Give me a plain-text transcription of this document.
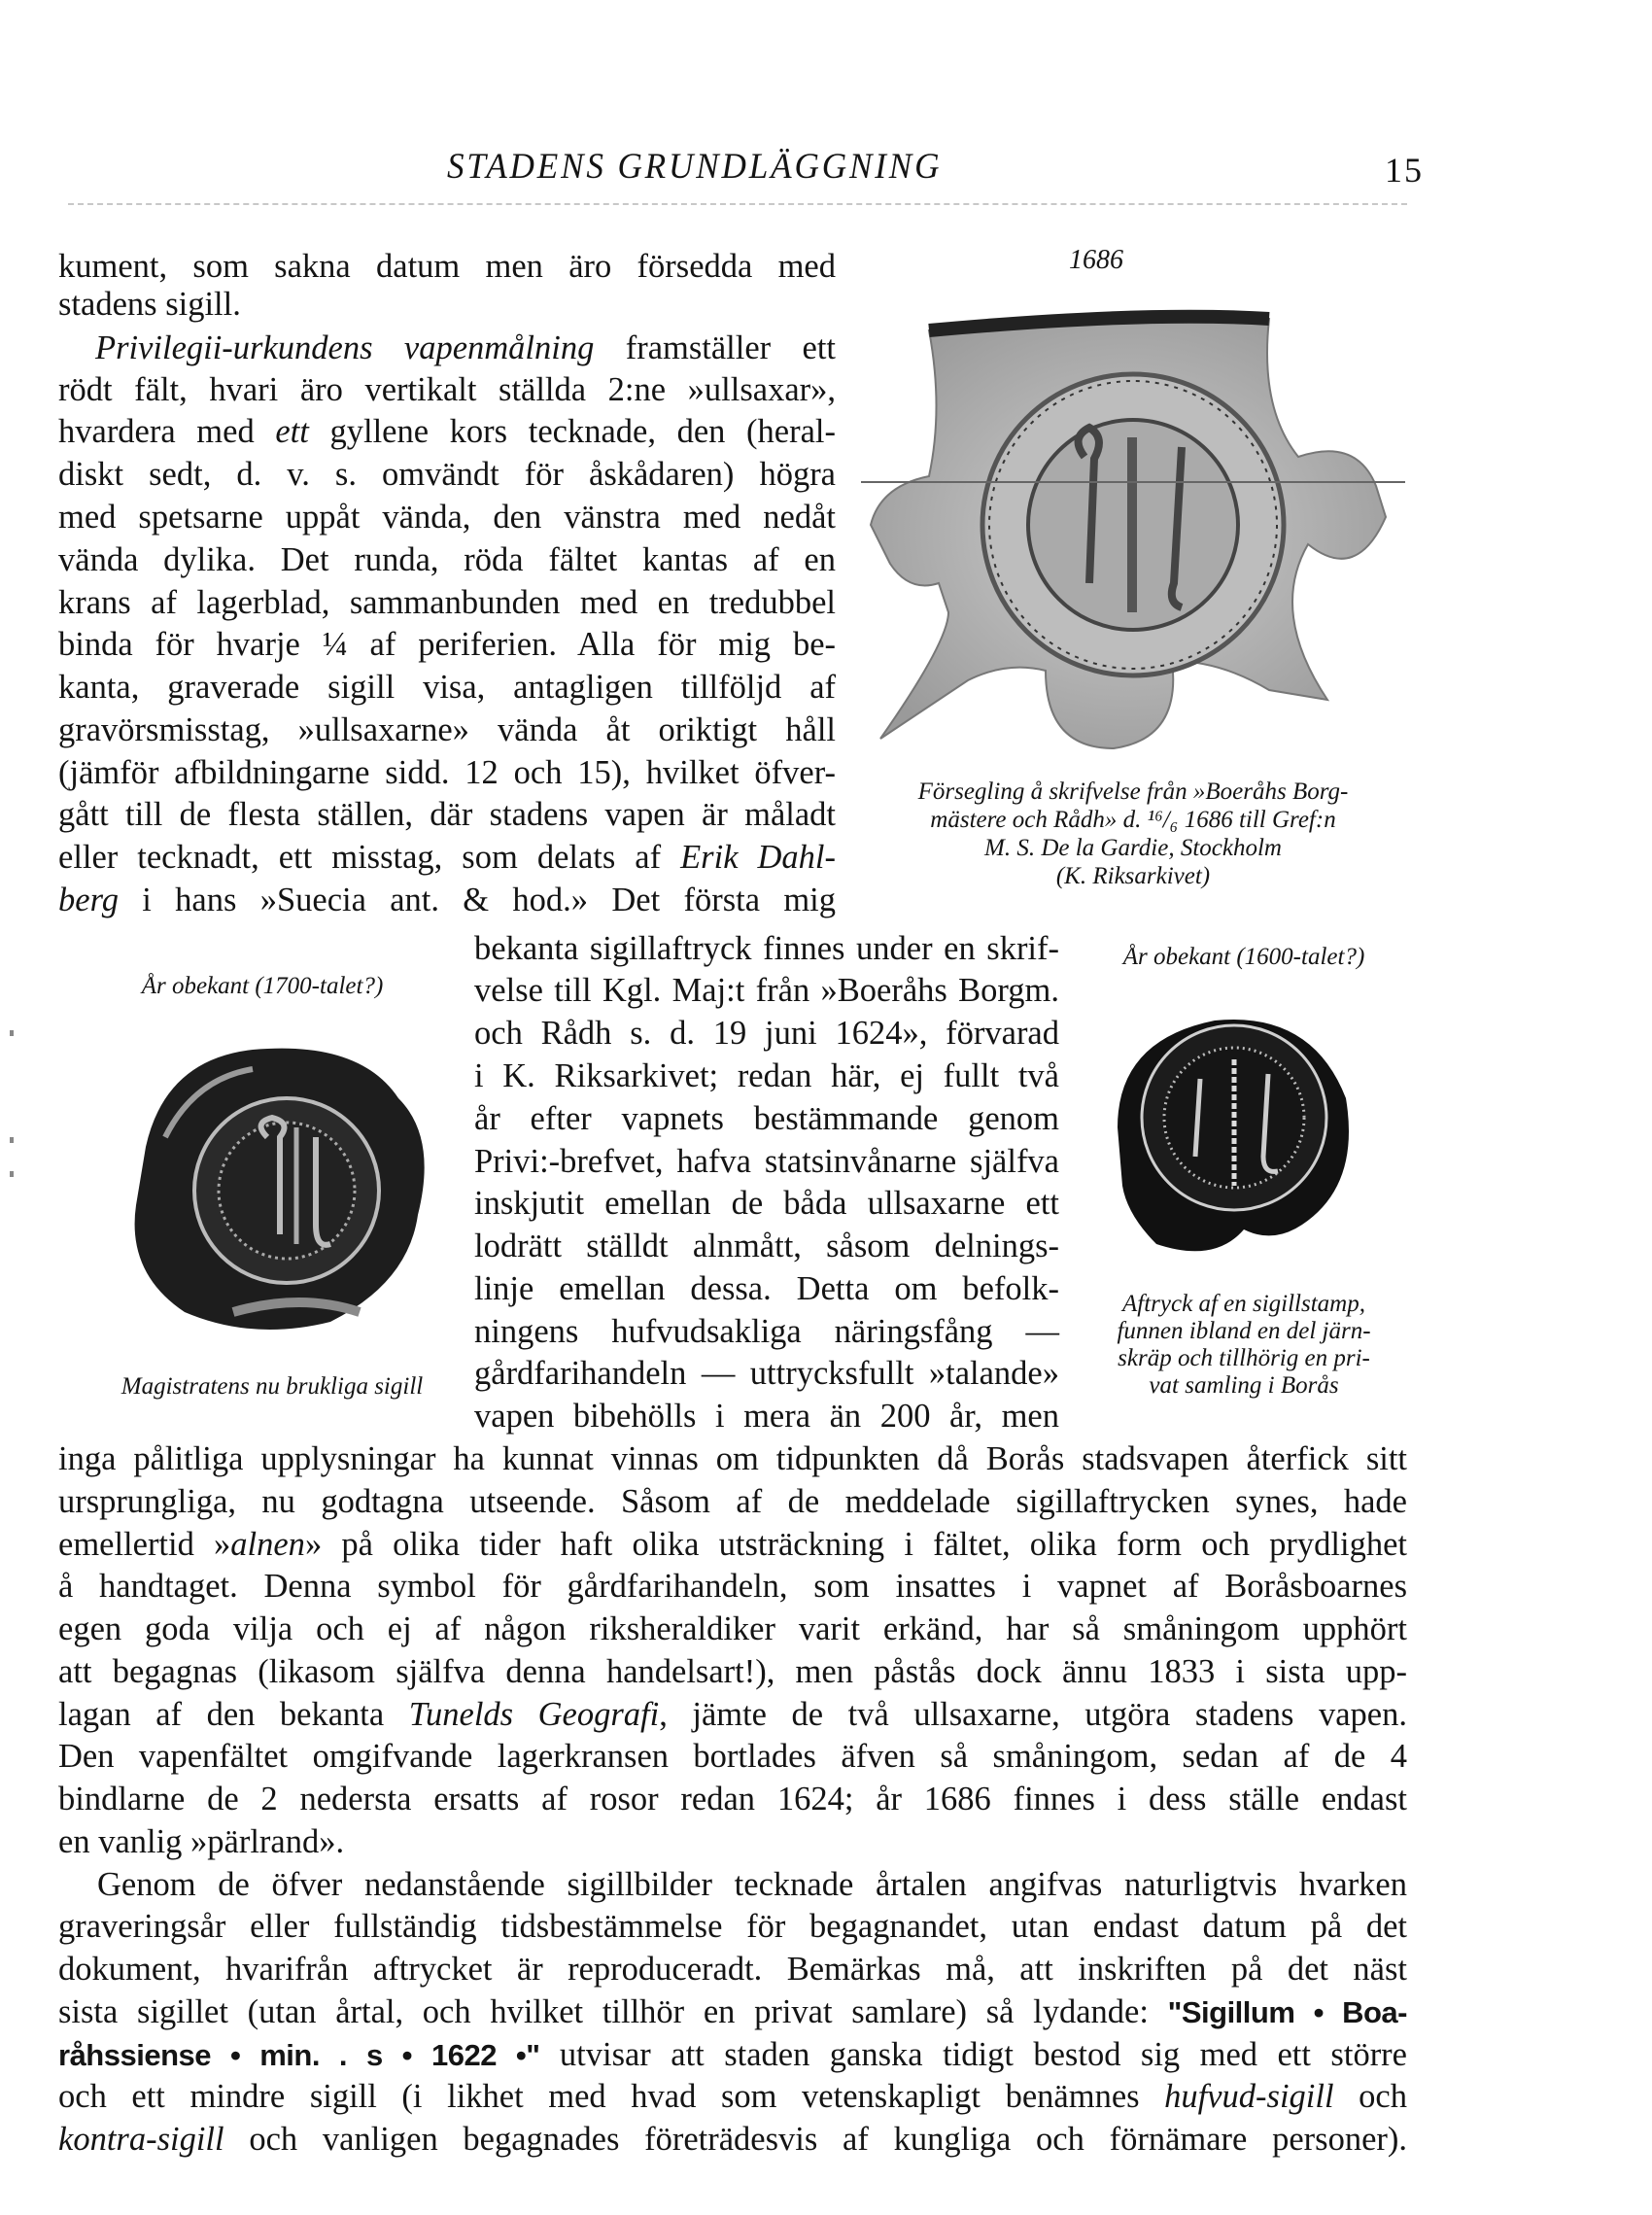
STADENS GRUNDLÄGGNING	15
kument, som sakna datum men äro försedda med
stadens sigill.
Privilegii-urkundens vapenmålning framställer ett
rödt fält, hvari äro vertikalt ställda 2:ne »ullsaxar»,
hvardera med ett gyllene kors tecknade, den (heral-
diskt sedt, d. v. s. omvändt för åskådaren) högra
med spetsarne uppåt vända, den vänstra med nedåt
vända dylika. Det runda, röda fältet kantas af en
krans af lagerblad, sammanbunden med en tredubbel
binda för hvarje ¼ af periferien. Alla för mig be-
kanta, graverade sigill visa, antagligen tillföljd af
gravörsmisstag, »ullsaxarne» vända åt oriktigt håll
(jämför afbildningarne sidd. 12 och 15), hvilket öfver-
gått till de flesta ställen, där stadens vapen är måladt
eller tecknadt, ett misstag, som delats af Erik Dahl-
berg i hans »Suecia ant. & hod.» Det första mig
1686
Försegling å skrifvelse från »Boeråhs Borg-
mästere och Rådh» d. ¹⁶/₆ 1686 till Gref:n
M. S. De la Gardie, Stockholm
(K. Riksarkivet)
År obekant (1700-talet?)
Magistratens nu brukliga sigill
bekanta sigillaftryck finnes under en skrif-
velse till Kgl. Maj:t från »Boeråhs Borgm.
och Rådh s. d. 19 juni 1624», förvarad
i K. Riksarkivet; redan här, ej fullt två
år efter vapnets bestämmande genom
Privi:-brefvet, hafva statsinvånarne själfva
inskjutit emellan de båda ullsaxarne ett
lodrätt ställdt alnmått, såsom delnings-
linje emellan dessa. Detta om befolk-
ningens hufvudsakliga näringsfång —
gårdfarihandeln — uttrycksfullt »talande»
vapen bibehölls i mera än 200 år, men
År obekant (1600-talet?)
Aftryck af en sigillstamp,
funnen ibland en del järn-
skräp och tillhörig en pri-
vat samling i Borås
inga pålitliga upplysningar ha kunnat vinnas om tidpunkten då Borås stadsvapen återfick sitt
ursprungliga, nu godtagna utseende. Såsom af de meddelade sigillaftrycken synes, hade
emellertid »alnen» på olika tider haft olika utsträckning i fältet, olika form och prydlighet
å handtaget. Denna symbol för gårdfarihandeln, som insattes i vapnet af Boråsboarnes
egen goda vilja och ej af någon riksheraldiker varit erkänd, har så småningom upphört
att begagnas (likasom själfva denna handelsart!), men påstås dock ännu 1833 i sista upp-
lagan af den bekanta Tunelds Geografi, jämte de två ullsaxarne, utgöra stadens vapen.
Den vapenfältet omgifvande lagerkransen bortlades äfven så småningom, sedan af de 4
bindlarne de 2 nedersta ersatts af rosor redan 1624; år 1686 finnes i dess ställe endast
en vanlig »pärlrand».
Genom de öfver nedanstående sigillbilder tecknade årtalen angifvas naturligtvis hvarken
graveringsår eller fullständig tidsbestämmelse för begagnandet, utan endast datum på det
dokument, hvarifrån aftrycket är reproduceradt. Bemärkas må, att inskriften på det näst
sista sigillet (utan årtal, och hvilket tillhör en privat samlare) så lydande: "Sigillum • Boa-
råhssiense • min. . s • 1622 •" utvisar att staden ganska tidigt bestod sig med ett större
och ett mindre sigill (i likhet med hvad som vetenskapligt benämnes hufvud-sigill och
kontra-sigill och vanligen begagnades företrädesvis af kungliga och förnämare personer).
